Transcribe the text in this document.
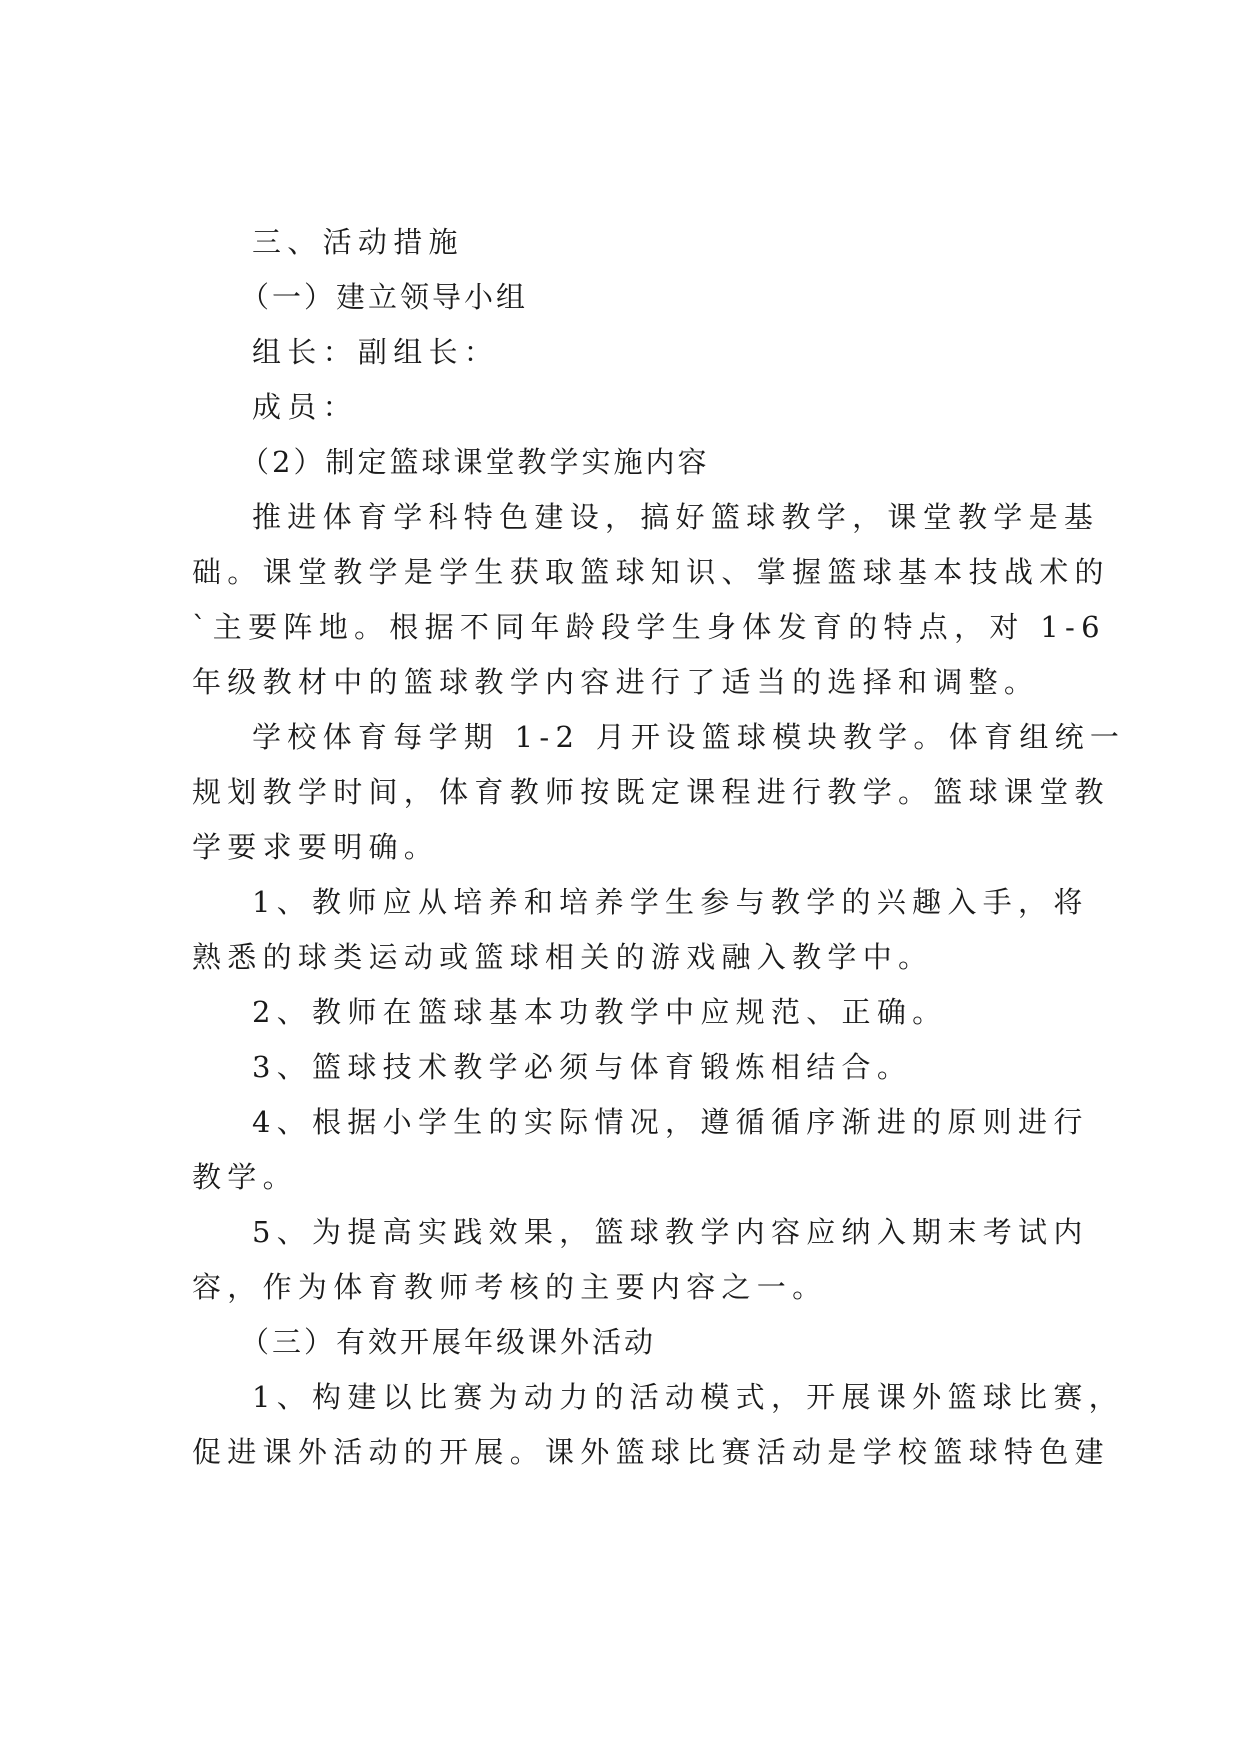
三、活动措施
（一）建立领导小组
组长：副组长：
成员：
（2）制定篮球课堂教学实施内容
推进体育学科特色建设，搞好篮球教学，课堂教学是基
础。课堂教学是学生获取篮球知识、掌握篮球基本技战术的
`主要阵地。根据不同年龄段学生身体发育的特点，对 1-6
年级教材中的篮球教学内容进行了适当的选择和调整。
学校体育每学期 1-2 月开设篮球模块教学。体育组统一
规划教学时间，体育教师按既定课程进行教学。篮球课堂教
学要求要明确。
1、教师应从培养和培养学生参与教学的兴趣入手，将
熟悉的球类运动或篮球相关的游戏融入教学中。
2、教师在篮球基本功教学中应规范、正确。
3、篮球技术教学必须与体育锻炼相结合。
4、根据小学生的实际情况，遵循循序渐进的原则进行
教学。
5、为提高实践效果，篮球教学内容应纳入期末考试内
容，作为体育教师考核的主要内容之一。
（三）有效开展年级课外活动
1、构建以比赛为动力的活动模式，开展课外篮球比赛，
促进课外活动的开展。课外篮球比赛活动是学校篮球特色建
